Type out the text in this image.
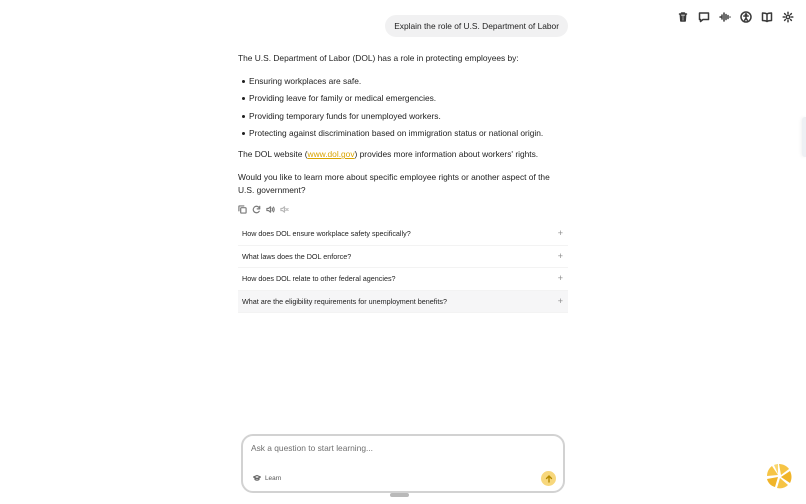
Explain the role of U.S. Department of Labor

The U.S. Department of Labor (DOL) has a role in protecting employees by:

Ensuring workplaces are safe.
Providing leave for family or medical emergencies.
Providing temporary funds for unemployed workers.
Protecting against discrimination based on immigration status or national origin.

The DOL website (www.dol.gov) provides more information about workers' rights.

Would you like to learn more about specific employee rights or another aspect of the U.S. government?

How does DOL ensure workplace safety specifically?	+
What laws does the DOL enforce?	+
How does DOL relate to other federal agencies?	+
What are the eligibility requirements for unemployment benefits?	+
Ask a question to start learning...
Learn
